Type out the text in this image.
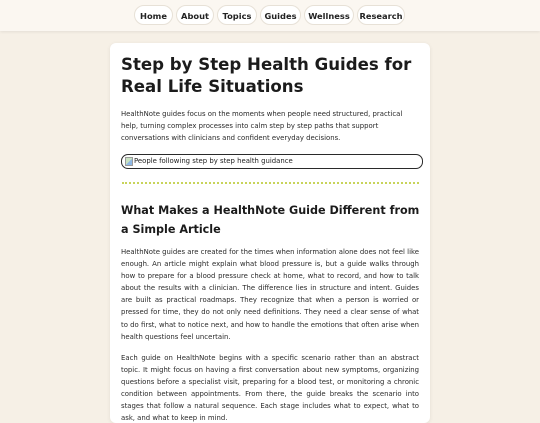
Home	About	Topics	Guides	Wellness	Research
Step by Step Health Guides for Real Life Situations

HealthNote guides focus on the moments when people need structured, practical help, turning complex processes into calm step by step paths that support conversations with clinicians and confident everyday decisions.

People following step by step health guidance
What Makes a HealthNote Guide Different from a Simple Article

HealthNote guides are created for the times when information alone does not feel like enough. An article might explain what blood pressure is, but a guide walks through how to prepare for a blood pressure check at home, what to record, and how to talk about the results with a clinician. The difference lies in structure and intent. Guides are built as practical roadmaps. They recognize that when a person is worried or pressed for time, they do not only need definitions. They need a clear sense of what to do first, what to notice next, and how to handle the emotions that often arise when health questions feel uncertain.

Each guide on HealthNote begins with a specific scenario rather than an abstract topic. It might focus on having a first conversation about new symptoms, organizing questions before a specialist visit, preparing for a blood test, or monitoring a chronic condition between appointments. From there, the guide breaks the scenario into stages that follow a natural sequence. Each stage includes what to expect, what to ask, and what to keep in mind.
